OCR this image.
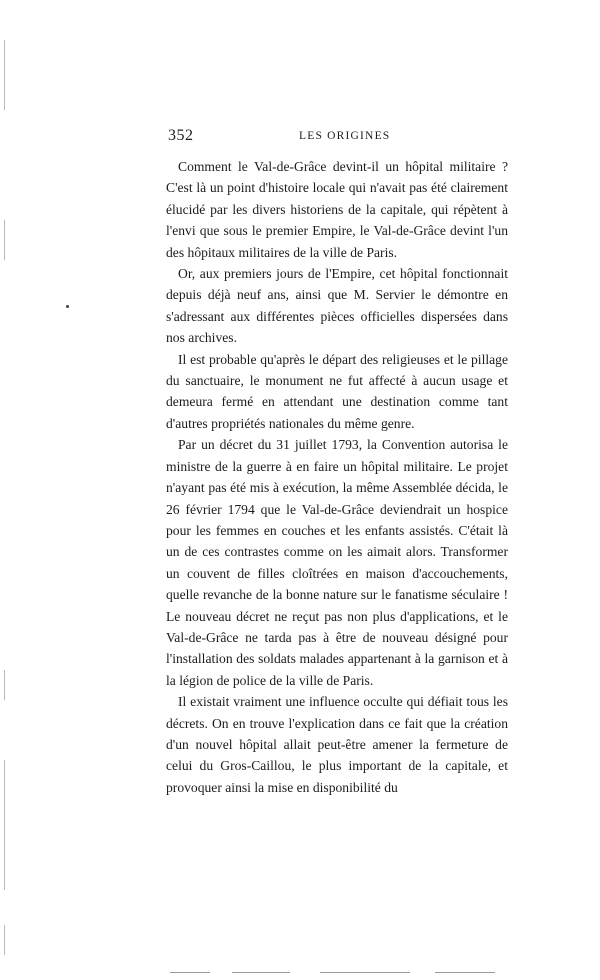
352	LES ORIGINES

Comment le Val-de-Grâce devint-il un hôpital militaire ? C'est là un point d'histoire locale qui n'avait pas été clairement élucidé par les divers historiens de la capitale, qui répètent à l'envi que sous le premier Empire, le Val-de-Grâce devint l'un des hôpitaux militaires de la ville de Paris.

Or, aux premiers jours de l'Empire, cet hôpital fonctionnait depuis déjà neuf ans, ainsi que M. Servier le démontre en s'adressant aux différentes pièces officielles dispersées dans nos archives.

Il est probable qu'après le départ des religieuses et le pillage du sanctuaire, le monument ne fut affecté à aucun usage et demeura fermé en attendant une destination comme tant d'autres propriétés nationales du même genre.

Par un décret du 31 juillet 1793, la Convention autorisa le ministre de la guerre à en faire un hôpital militaire. Le projet n'ayant pas été mis à exécution, la même Assemblée décida, le 26 février 1794 que le Val-de-Grâce deviendrait un hospice pour les femmes en couches et les enfants assistés. C'était là un de ces contrastes comme on les aimait alors. Transformer un couvent de filles cloîtrées en maison d'accouchements, quelle revanche de la bonne nature sur le fanatisme séculaire ! Le nouveau décret ne reçut pas non plus d'applications, et le Val-de-Grâce ne tarda pas à être de nouveau désigné pour l'installation des soldats malades appartenant à la garnison et à la légion de police de la ville de Paris.

Il existait vraiment une influence occulte qui défiait tous les décrets. On en trouve l'explication dans ce fait que la création d'un nouvel hôpital allait peut-être amener la fermeture de celui du Gros-Caillou, le plus important de la capitale, et provoquer ainsi la mise en disponibilité du
